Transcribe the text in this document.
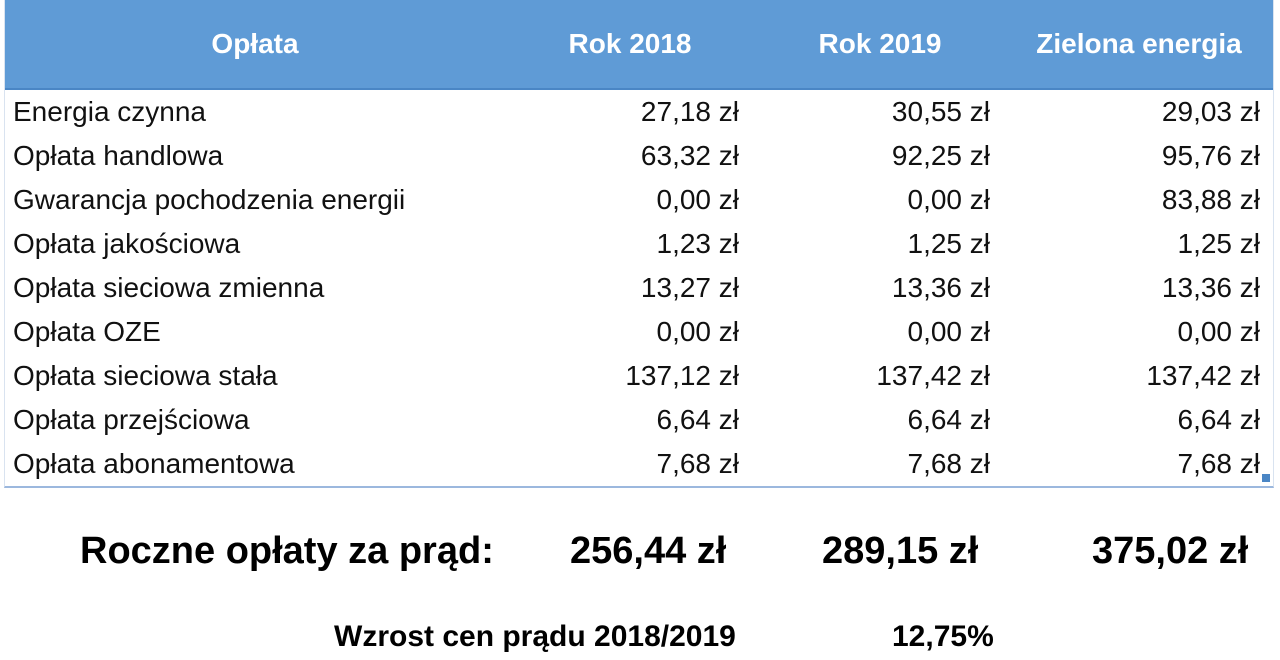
Opłata	Rok 2018	Rok 2019	Zielona energia
Energia czynna	27,18 zł	30,55 zł	29,03 zł
Opłata handlowa	63,32 zł	92,25 zł	95,76 zł
Gwarancja pochodzenia energii	0,00 zł	0,00 zł	83,88 zł
Opłata jakościowa	1,23 zł	1,25 zł	1,25 zł
Opłata sieciowa zmienna	13,27 zł	13,36 zł	13,36 zł
Opłata OZE	0,00 zł	0,00 zł	0,00 zł
Opłata sieciowa stała	137,12 zł	137,42 zł	137,42 zł
Opłata przejściowa	6,64 zł	6,64 zł	6,64 zł
Opłata abonamentowa	7,68 zł	7,68 zł	7,68 zł
Roczne opłaty za prąd: 256,44 zł	289,15 zł	375,02 zł
Wzrost cen prądu 2018/2019	12,75%
